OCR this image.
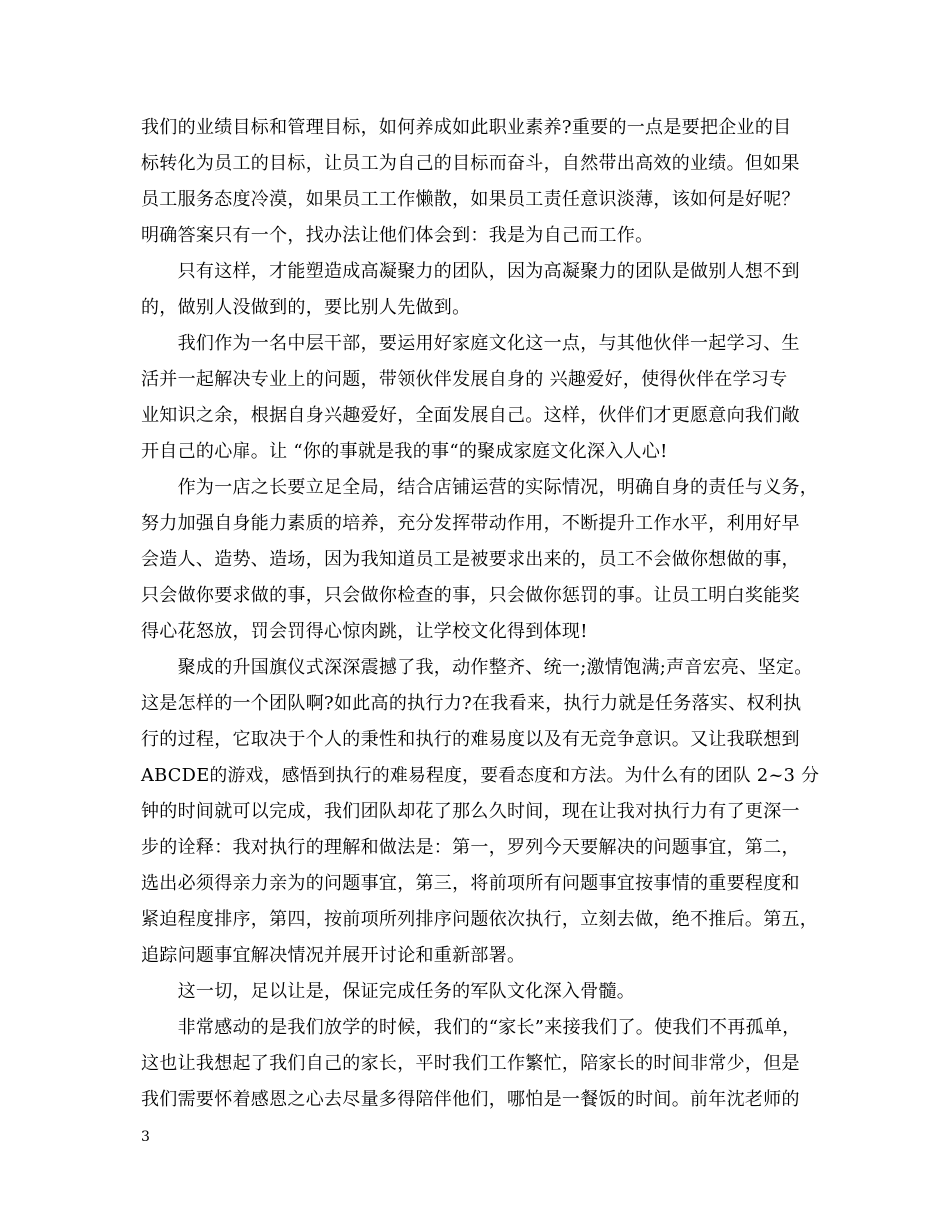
我们的业绩目标和管理目标，如何养成如此职业素养?重要的一点是要把企业的目
标转化为员工的目标，让员工为自己的目标而奋斗，自然带出高效的业绩。但如果
员工服务态度冷漠，如果员工工作懒散，如果员工责任意识淡薄，该如何是好呢？
明确答案只有一个，找办法让他们体会到：我是为自己而工作。
　　只有这样，才能塑造成高凝聚力的团队，因为高凝聚力的团队是做别人想不到
的，做别人没做到的，要比别人先做到。
　　我们作为一名中层干部，要运用好家庭文化这一点，与其他伙伴一起学习、生
活并一起解决专业上的问题，带领伙伴发展自身的 兴趣爱好，使得伙伴在学习专
业知识之余，根据自身兴趣爱好，全面发展自己。这样，伙伴们才更愿意向我们敞
开自己的心扉。让 “你的事就是我的事“的聚成家庭文化深入人心!
　　作为一店之长要立足全局，结合店铺运营的实际情况，明确自身的责任与义务，
努力加强自身能力素质的培养，充分发挥带动作用，不断提升工作水平，利用好早
会造人、造势、造场，因为我知道员工是被要求出来的，员工不会做你想做的事，
只会做你要求做的事，只会做你检查的事，只会做你惩罚的事。让员工明白奖能奖
得心花怒放，罚会罚得心惊肉跳，让学校文化得到体现!
　　聚成的升国旗仪式深深震撼了我，动作整齐、统一;激情饱满;声音宏亮、坚定。
这是怎样的一个团队啊?如此高的执行力?在我看来，执行力就是任务落实、权利执
行的过程，它取决于个人的秉性和执行的难易度以及有无竞争意识。又让我联想到
ABCDE的游戏，感悟到执行的难易程度，要看态度和方法。为什么有的团队 2~3 分
钟的时间就可以完成，我们团队却花了那么久时间，现在让我对执行力有了更深一
步的诠释：我对执行的理解和做法是：第一，罗列今天要解决的问题事宜，第二，
选出必须得亲力亲为的问题事宜，第三，将前项所有问题事宜按事情的重要程度和
紧迫程度排序，第四，按前项所列排序问题依次执行，立刻去做，绝不推后。第五，
追踪问题事宜解决情况并展开讨论和重新部署。
　　这一切，足以让是，保证完成任务的军队文化深入骨髓。
　　非常感动的是我们放学的时候，我们的“家长”来接我们了。使我们不再孤单，
这也让我想起了我们自己的家长，平时我们工作繁忙，陪家长的时间非常少，但是
我们需要怀着感恩之心去尽量多得陪伴他们，哪怕是一餐饭的时间。前年沈老师的
3
